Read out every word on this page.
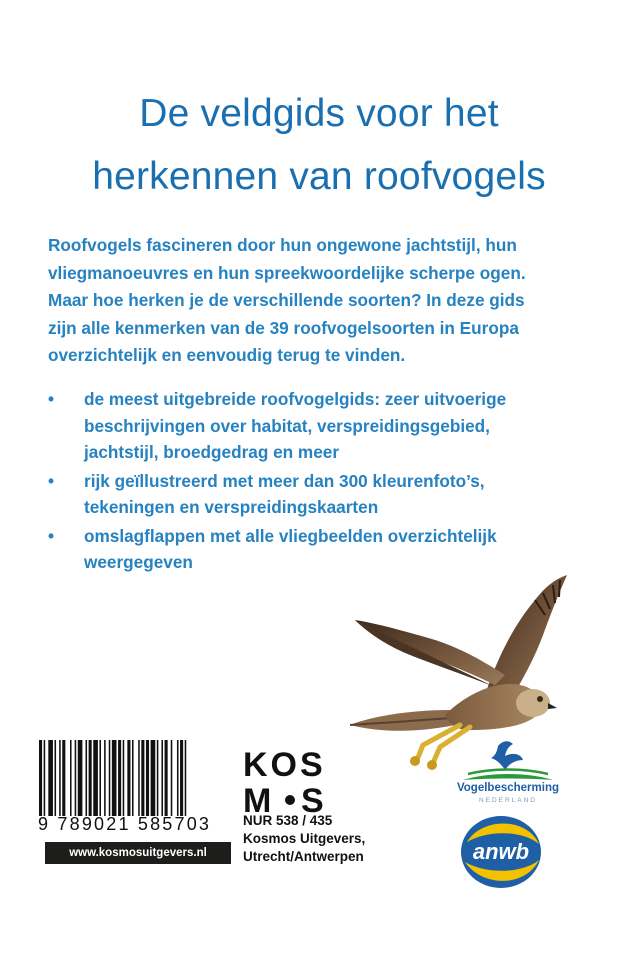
De veldgids voor het
herkennen van roofvogels
Roofvogels fascineren door hun ongewone jachtstijl, hun
vliegmanoeuvres en hun spreekwoordelijke scherpe ogen.
Maar hoe herken je de verschillende soorten? In deze gids
zijn alle kenmerken van de 39 roofvogelsoorten in Europa
overzichtelijk en eenvoudig terug te vinden.
• de meest uitgebreide roofvogelgids: zeer uitvoerige
beschrijvingen over habitat, verspreidingsgebied,
jachtstijl, broedgedrag en meer
• rijk geïllustreerd met meer dan 300 kleurenfoto’s,
tekeningen en verspreidingskaarten
• omslagflappen met alle vliegbeelden overzichtelijk
weergegeven
9 789021 585703
www.kosmosuitgevers.nl
KOS
M S
NUR 538 / 435
Kosmos Uitgevers,
Utrecht/Antwerpen
Vogelbescherming
NEDERLAND
anwb
